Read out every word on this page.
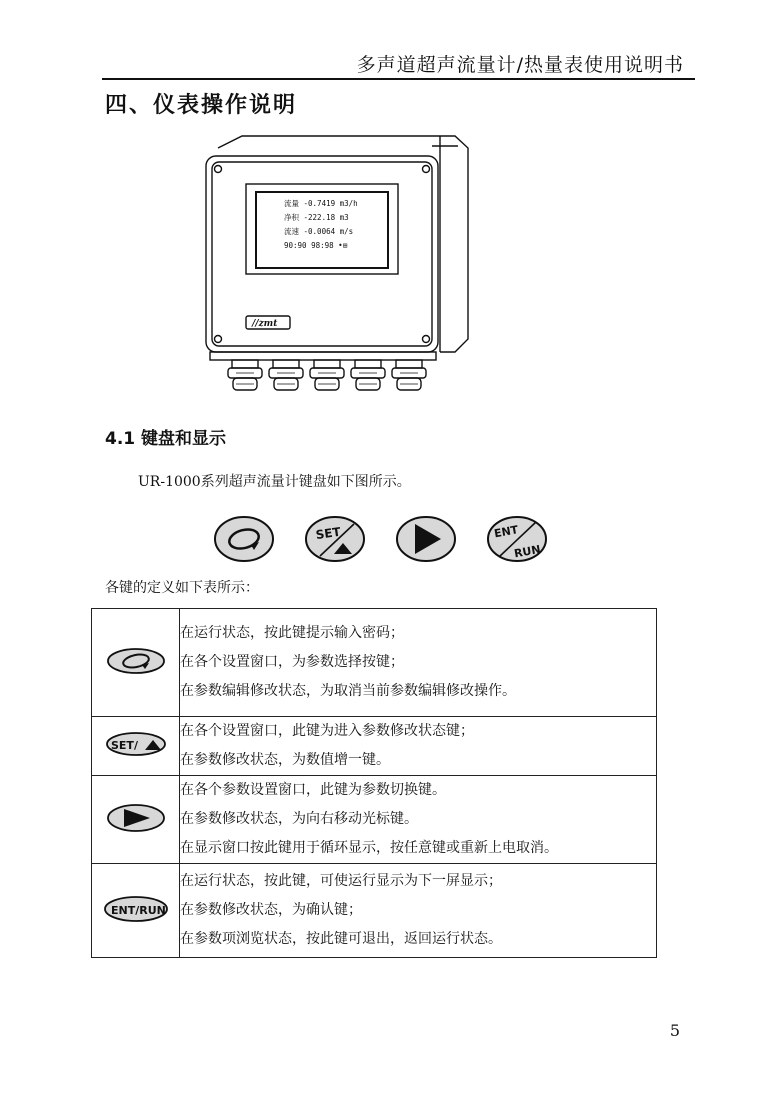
多声道超声流量计/热量表使用说明书
四、仪表操作说明
流量 -0.7419 m3/h
净积 -222.18 m3
流速 -0.0064 m/s
90:90 98:98 •⊞
//zmt
4.1 键盘和显示
UR-1000系列超声流量计键盘如下图所示。
SET	ENT
RUN
各键的定义如下表所示：

在运行状态，按此键提示输入密码；
在各个设置窗口，为参数选择按键；
在参数编辑修改状态，为取消当前参数编辑修改操作。

SET/	在各个设置窗口，此键为进入参数修改状态键；
在参数修改状态，为数值增一键。

在各个参数设置窗口，此键为参数切换键。
在参数修改状态，为向右移动光标键。
在显示窗口按此键用于循环显示，按任意键或重新上电取消。

ENT/RUN	在运行状态，按此键，可使运行显示为下一屏显示；
在参数修改状态，为确认键；
在参数项浏览状态，按此键可退出，返回运行状态。
5
